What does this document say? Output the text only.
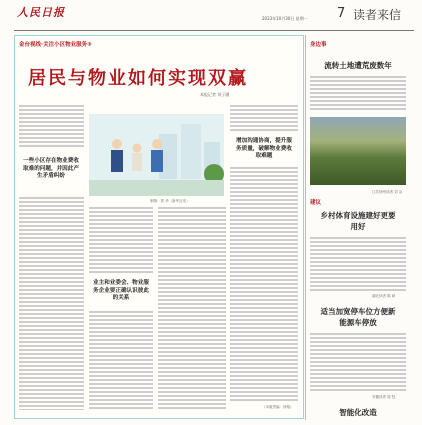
人民日报	2023年10月30日 星期一 7 读者来信
金台视线·关注小区物业服务③
居民与物业如何实现双赢
本报记者 刘子涵
一些小区存在物业费收取难的问题，并因此产生矛盾纠纷
制图：蔡 华（新华社发）
业主和业委会、物业服务企业要正确认识彼此的关系
增加沟通协商，提升服务质量，破解物业费收取难题
（本版责编：徐翔）
身边事
流转土地遭荒废数年
江苏徐州读者 刘 洁
建议
乡村体育设施建好更要用好
湖北读者 陈 硕
适当加宽停车位方便新能源车停放
安徽读者 周 钰
智能化改造
